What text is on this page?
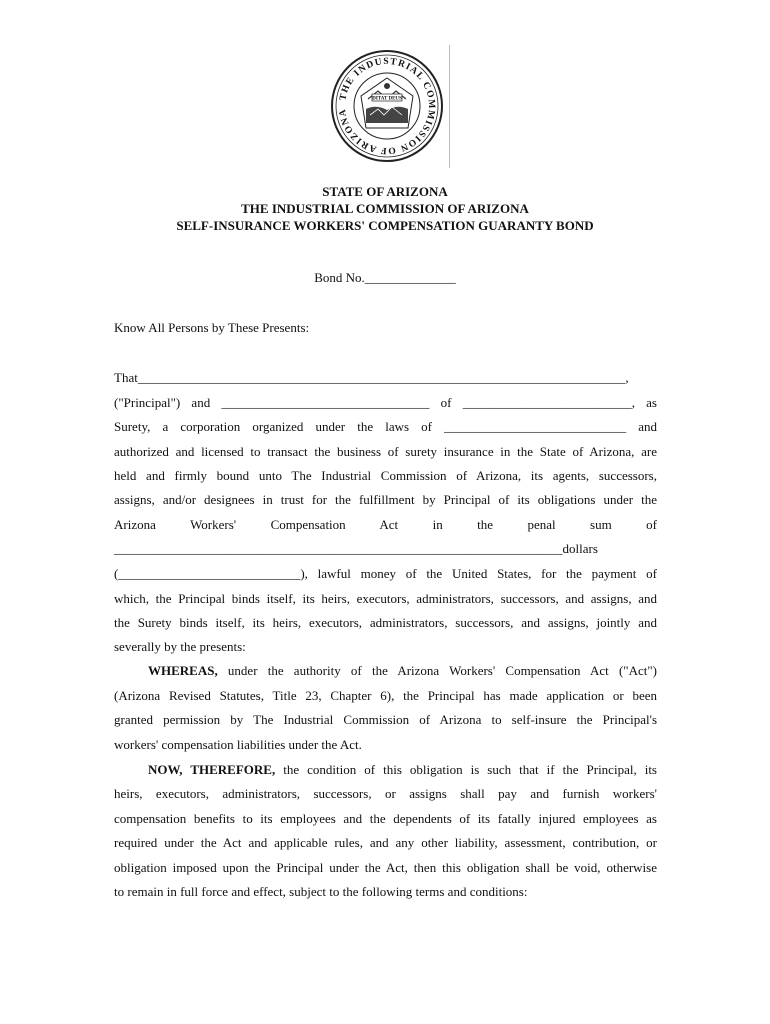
THE INDUSTRIAL COMMISSION OF ARIZONA
DITAT DEUS
STATE OF ARIZONA
THE INDUSTRIAL COMMISSION OF ARIZONA
SELF-INSURANCE WORKERS' COMPENSATION GUARANTY BOND
Bond No.______________
Know All Persons by These Presents:
That___________________________________________________________________________,
("Principal") and ________________________________ of __________________________, as
Surety, a corporation organized under the laws of ____________________________ and
authorized and licensed to transact the business of surety insurance in the State of Arizona, are
held and firmly bound unto The Industrial Commission of Arizona, its agents, successors,
assigns, and/or designees in trust for the fulfillment by Principal of its obligations under the
Arizona Workers' Compensation Act in the penal sum of
_____________________________________________________________________dollars
(____________________________), lawful money of the United States, for the payment of
which, the Principal binds itself, its heirs, executors, administrators, successors, and assigns, and
the Surety binds itself, its heirs, executors, administrators, successors, and assigns, jointly and
severally by the presents:
WHEREAS, under the authority of the Arizona Workers' Compensation Act ("Act")
(Arizona Revised Statutes, Title 23, Chapter 6), the Principal has made application or been
granted permission by The Industrial Commission of Arizona to self-insure the Principal's
workers' compensation liabilities under the Act.
NOW, THEREFORE, the condition of this obligation is such that if the Principal, its
heirs, executors, administrators, successors, or assigns shall pay and furnish workers'
compensation benefits to its employees and the dependents of its fatally injured employees as
required under the Act and applicable rules, and any other liability, assessment, contribution, or
obligation imposed upon the Principal under the Act, then this obligation shall be void, otherwise
to remain in full force and effect, subject to the following terms and conditions:
